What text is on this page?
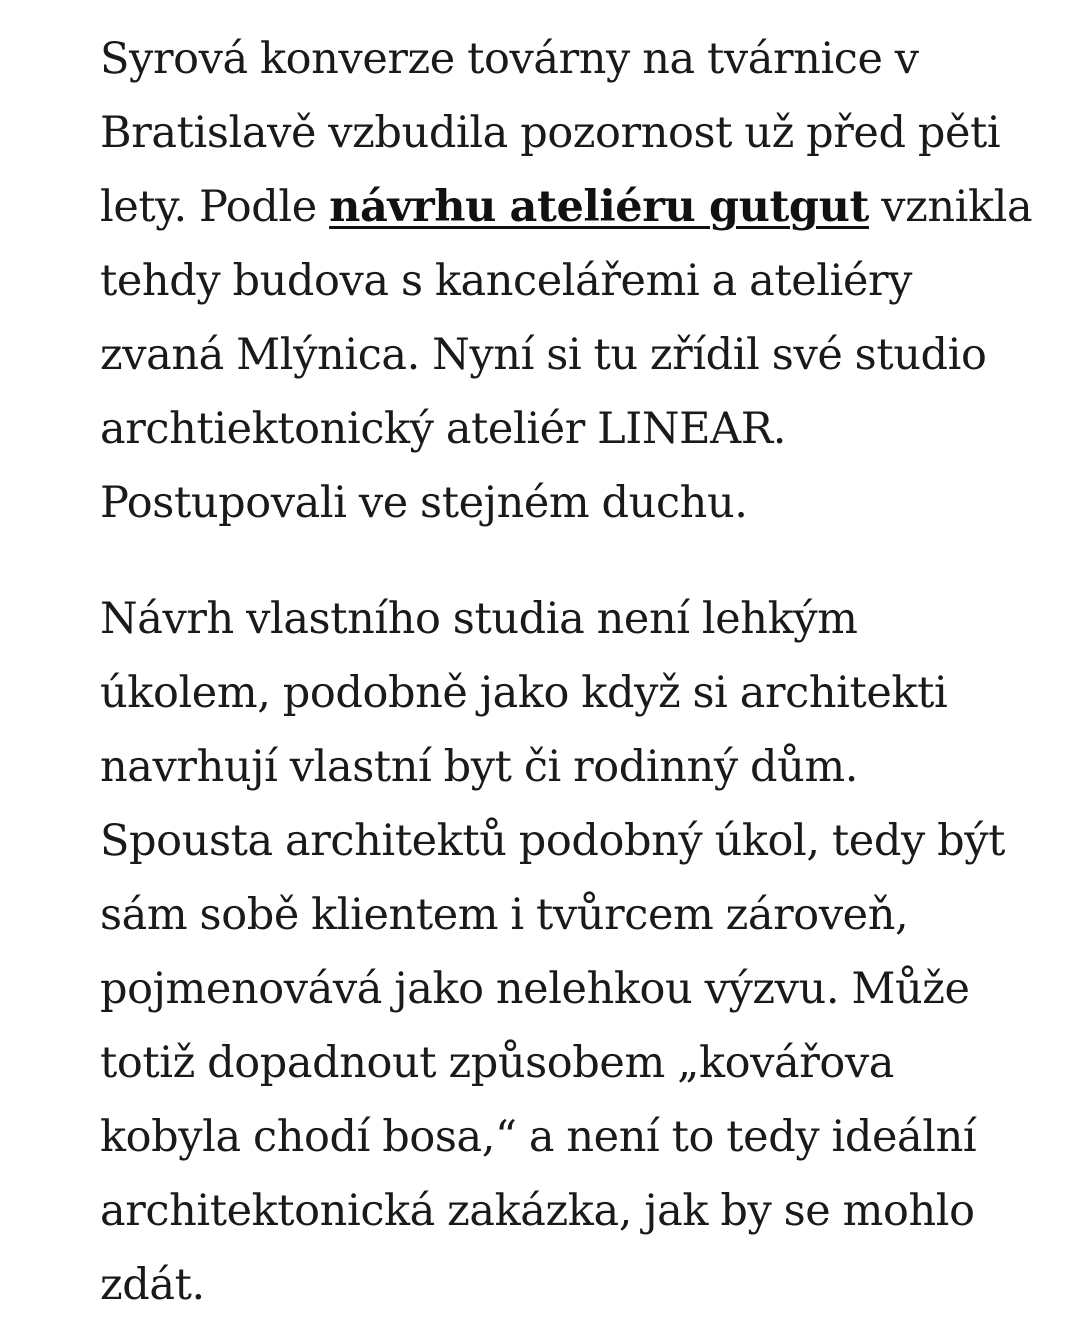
Syrová konverze továrny na tvárnice v
Bratislavě vzbudila pozornost už před pěti
lety. Podle návrhu ateliéru gutgut vznikla
tehdy budova s kancelářemi a ateliéry
zvaná Mlýnica. Nyní si tu zřídil své studio
archtiektonický ateliér LINEAR.
Postupovali ve stejném duchu.

Návrh vlastního studia není lehkým
úkolem, podobně jako když si architekti
navrhují vlastní byt či rodinný dům.
Spousta architektů podobný úkol, tedy být
sám sobě klientem i tvůrcem zároveň,
pojmenovává jako nelehkou výzvu. Může
totiž dopadnout způsobem „kovářova
kobyla chodí bosa,“ a není to tedy ideální
architektonická zakázka, jak by se mohlo
zdát.
